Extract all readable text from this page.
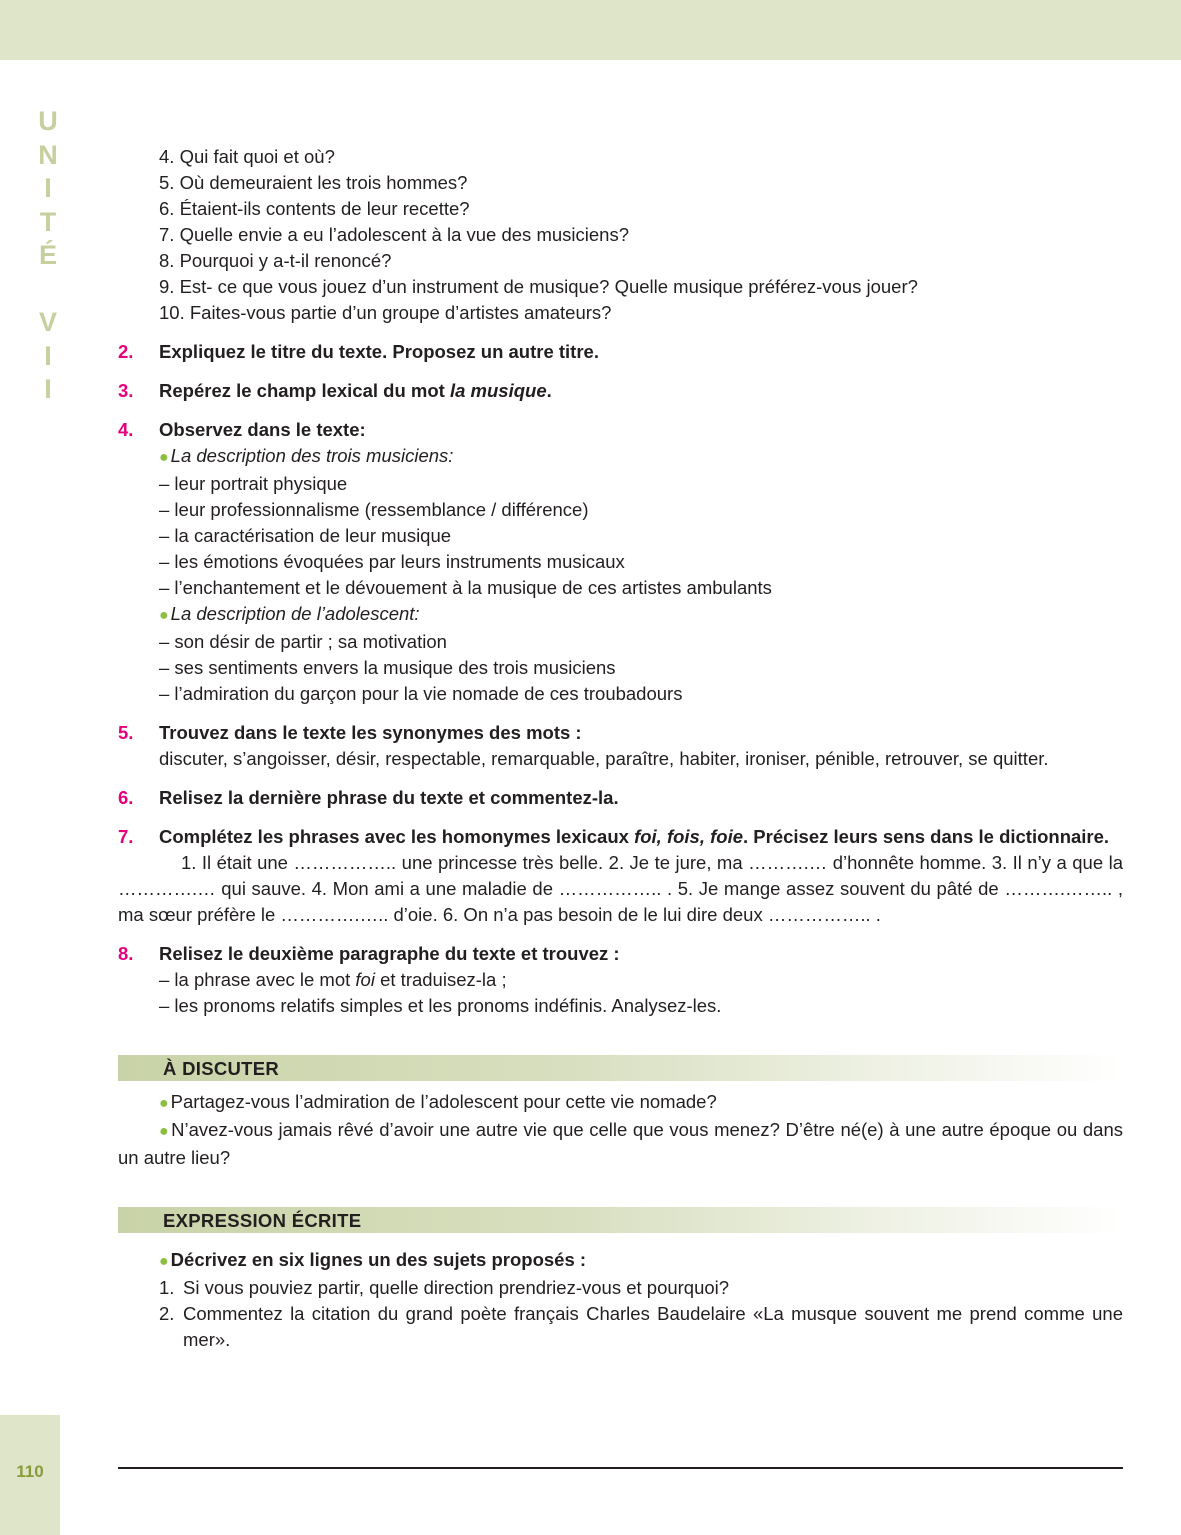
U
N
I
T
É
V
I
I
110
4. Qui fait quoi et où?
5. Où demeuraient les trois hommes?
6. Étaient-ils contents de leur recette?
7. Quelle envie a eu l’adolescent à la vue des musiciens?
8. Pourquoi y a-t-il renoncé?
9. Est- ce que vous jouez d’un instrument de musique? Quelle musique préférez-vous jouer?
10. Faites-vous partie d’un groupe d’artistes amateurs?
2. Expliquez le titre du texte. Proposez un autre titre.
3. Repérez le champ lexical du mot la musique.
4. Observez dans le texte:
● La description des trois musiciens:
– leur portrait physique
– leur professionnalisme (ressemblance / différence)
– la caractérisation de leur musique
– les émotions évoquées par leurs instruments musicaux
– l’enchantement et le dévouement à la musique de ces artistes ambulants
● La description de l’adolescent:
– son désir de partir ; sa motivation
– ses sentiments envers la musique des trois musiciens
– l’admiration du garçon pour la vie nomade de ces troubadours
5. Trouvez dans le texte les synonymes des mots :
discuter, s’angoisser, désir, respectable, remarquable, paraître, habiter, ironiser, pénible, retrouver, se quitter.
6. Relisez la dernière phrase du texte et commentez-la.
7.	Complétez les phrases avec les homonymes lexicaux foi, fois, foie. Précisez leurs sens dans le dictionnaire.
1. Il était une …………….. une princesse très belle. 2. Je te jure, ma ……….… d’honnête homme. 3. Il n’y a que la ………….… qui sauve. 4. Mon ami a une maladie de …………….. . 5. Je mange assez souvent du pâté de ……….…….. , ma sœur préfère le ………….….. d’oie. 6. On n’a pas besoin de le lui dire deux …………….. .
8. Relisez le deuxième paragraphe du texte et trouvez :
– la phrase avec le mot foi et traduisez-la ;
– les pronoms relatifs simples et les pronoms indéfinis. Analysez-les.
À DISCUTER
● Partagez-vous l’admiration de l’adolescent pour cette vie nomade?
● N’avez-vous jamais rêvé d’avoir une autre vie que celle que vous menez? D’être né(e) à une autre époque ou dans un autre lieu?
EXPRESSION ÉCRITE
● Décrivez en six lignes un des sujets proposés :
1. Si vous pouviez partir, quelle direction prendriez-vous et pourquoi?
2. Commentez la citation du grand poète français Charles Baudelaire «La musque souvent me prend comme une mer».
